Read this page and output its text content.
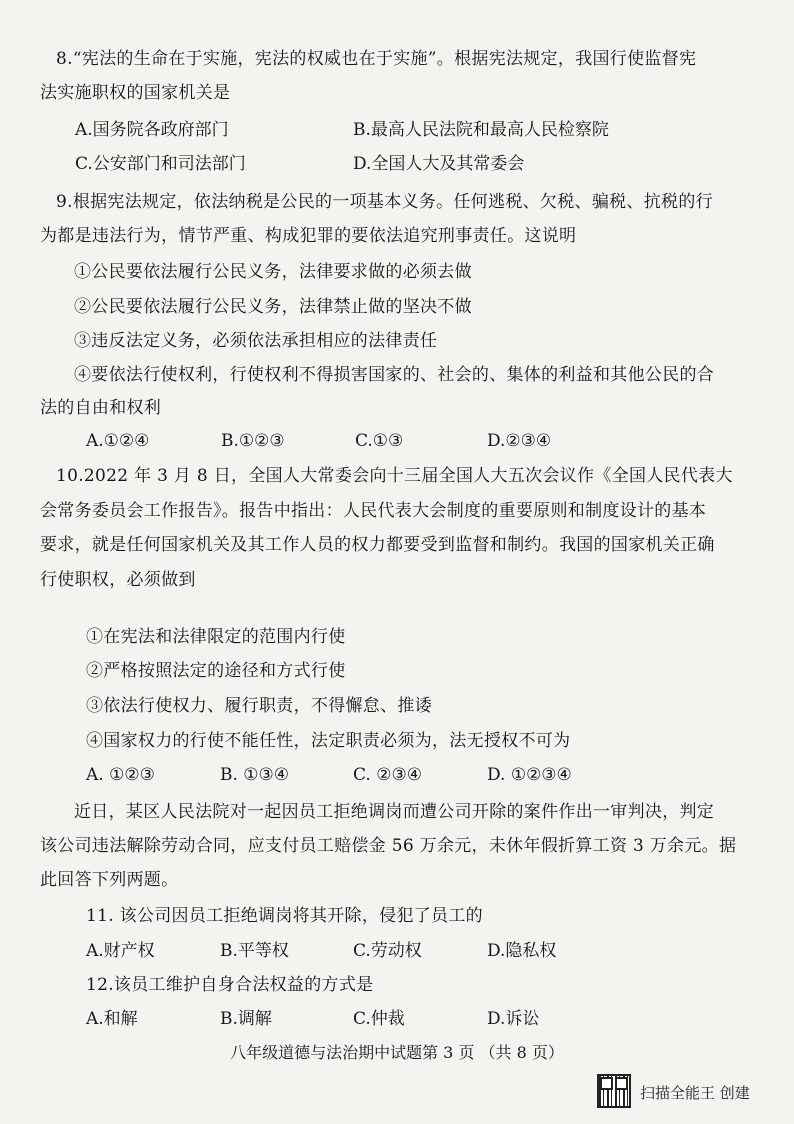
8.“宪法的生命在于实施，宪法的权威也在于实施”。根据宪法规定，我国行使监督宪
法实施职权的国家机关是
A.国务院各政府部门	B.最高人民法院和最高人民检察院
C.公安部门和司法部门	D.全国人大及其常委会
9.根据宪法规定，依法纳税是公民的一项基本义务。任何逃税、欠税、骗税、抗税的行
为都是违法行为，情节严重、构成犯罪的要依法追究刑事责任。这说明
①公民要依法履行公民义务，法律要求做的必须去做
②公民要依法履行公民义务，法律禁止做的坚决不做
③违反法定义务，必须依法承担相应的法律责任
④要依法行使权利，行使权利不得损害国家的、社会的、集体的利益和其他公民的合
法的自由和权利
A.①②④	B.①②③	C.①③	D.②③④
10.2022 年 3 月 8 日，全国人大常委会向十三届全国人大五次会议作《全国人民代表大
会常务委员会工作报告》。报告中指出：人民代表大会制度的重要原则和制度设计的基本
要求，就是任何国家机关及其工作人员的权力都要受到监督和制约。我国的国家机关正确
行使职权，必须做到
①在宪法和法律限定的范围内行使
②严格按照法定的途径和方式行使
③依法行使权力、履行职责，不得懈怠、推诿
④国家权力的行使不能任性，法定职责必须为，法无授权不可为
A. ①②③	B. ①③④	C. ②③④	D. ①②③④
近日，某区人民法院对一起因员工拒绝调岗而遭公司开除的案件作出一审判决，判定
该公司违法解除劳动合同，应支付员工赔偿金 56 万余元，未休年假折算工资 3 万余元。据
此回答下列两题。
11. 该公司因员工拒绝调岗将其开除，侵犯了员工的
A.财产权	B.平等权	C.劳动权	D.隐私权
12.该员工维护自身合法权益的方式是
A.和解	B.调解	C.仲裁	D.诉讼
八年级道德与法治期中试题第 3 页 （共 8 页）
扫描全能王 创建
